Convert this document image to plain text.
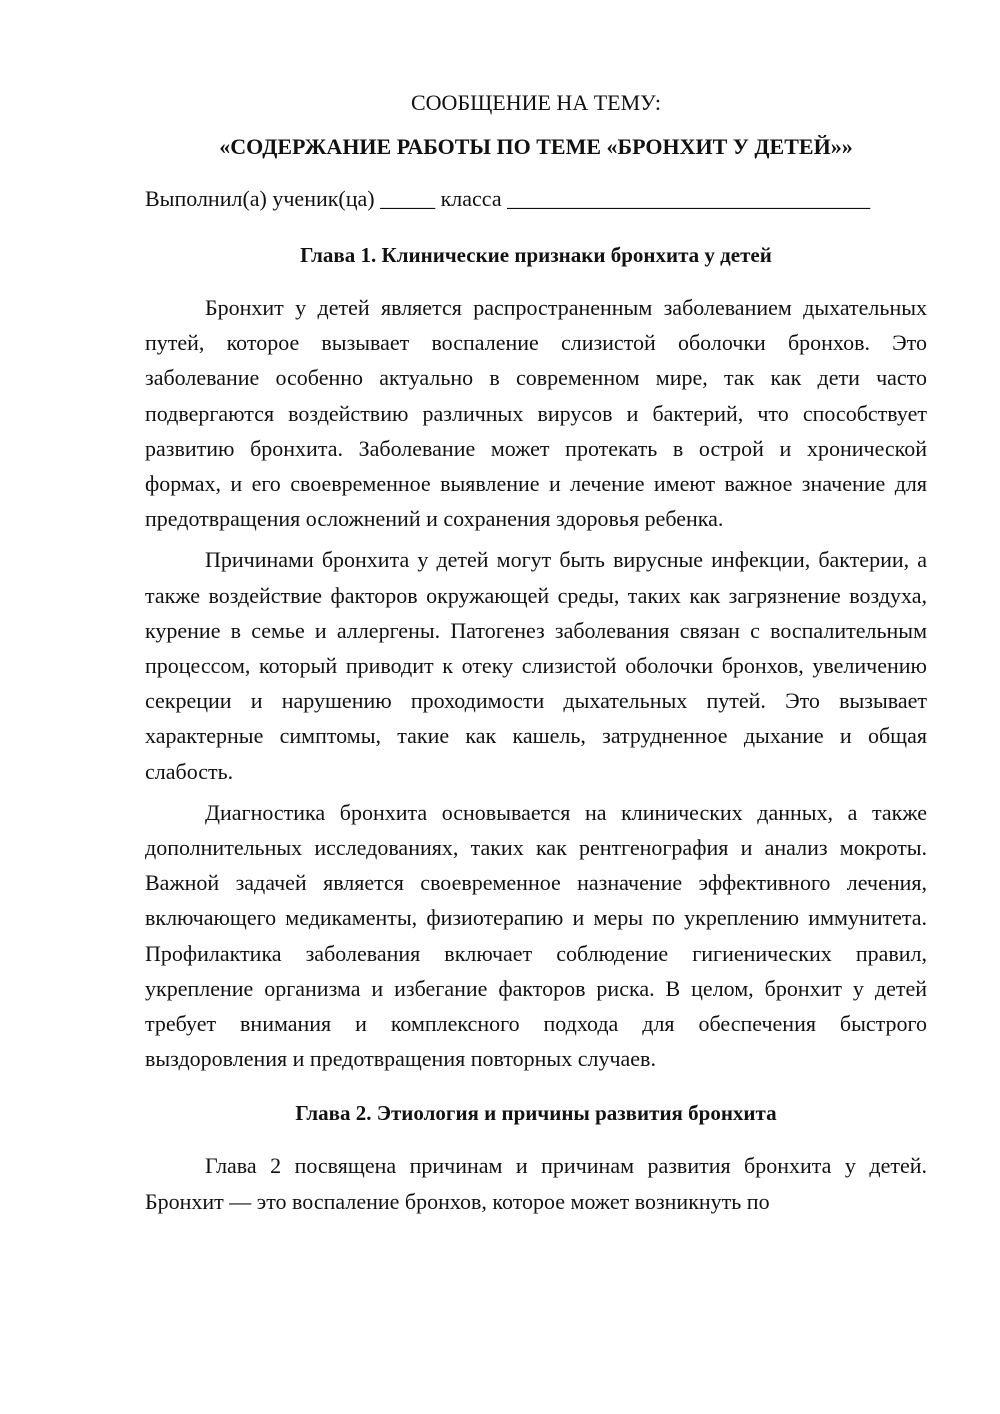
СООБЩЕНИЕ НА ТЕМУ:

«СОДЕРЖАНИЕ РАБОТЫ ПО ТЕМЕ «БРОНХИТ У ДЕТЕЙ»»
Выполнил(а) ученик(ца) _____ класса _________________________________
Глава 1. Клинические признаки бронхита у детей

Бронхит у детей является распространенным заболеванием дыхательных путей, которое вызывает воспаление слизистой оболочки бронхов. Это заболевание особенно актуально в современном мире, так как дети часто подвергаются воздействию различных вирусов и бактерий, что способствует развитию бронхита. Заболевание может протекать в острой и хронической формах, и его своевременное выявление и лечение имеют важное значение для предотвращения осложнений и сохранения здоровья ребенка.

Причинами бронхита у детей могут быть вирусные инфекции, бактерии, а также воздействие факторов окружающей среды, таких как загрязнение воздуха, курение в семье и аллергены. Патогенез заболевания связан с воспалительным процессом, который приводит к отеку слизистой оболочки бронхов, увеличению секреции и нарушению проходимости дыхательных путей. Это вызывает характерные симптомы, такие как кашель, затрудненное дыхание и общая слабость.

Диагностика бронхита основывается на клинических данных, а также дополнительных исследованиях, таких как рентгенография и анализ мокроты. Важной задачей является своевременное назначение эффективного лечения, включающего медикаменты, физиотерапию и меры по укреплению иммунитета. Профилактика заболевания включает соблюдение гигиенических правил, укрепление организма и избегание факторов риска. В целом, бронхит у детей требует внимания и комплексного подхода для обеспечения быстрого выздоровления и предотвращения повторных случаев.

Глава 2. Этиология и причины развития бронхита

Глава 2 посвящена причинам и причинам развития бронхита у детей. Бронхит — это воспаление бронхов, которое может возникнуть по
